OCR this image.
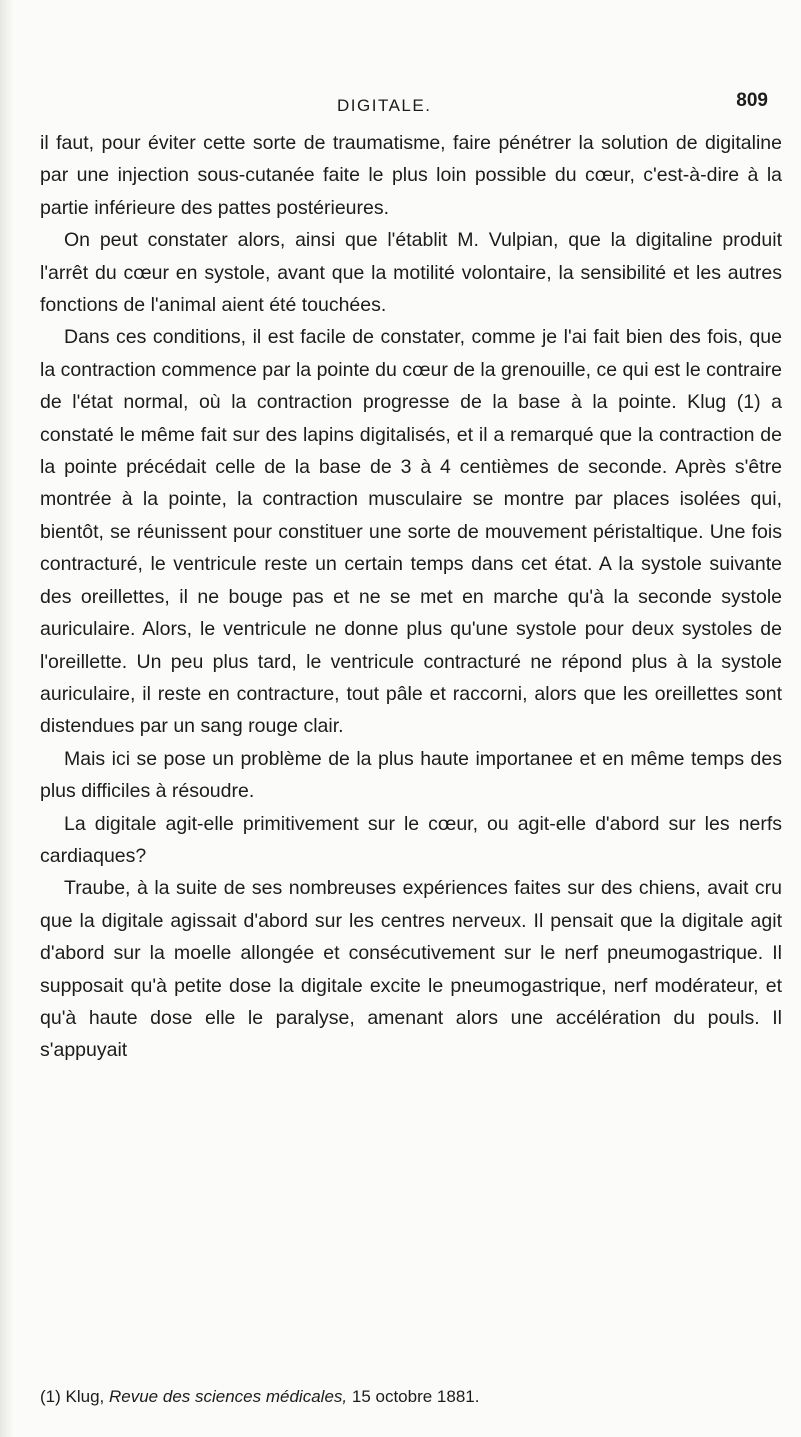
DIGITALE.	809

il faut, pour éviter cette sorte de traumatisme, faire pénétrer la solution de digitaline par une injection sous-cutanée faite le plus loin possible du cœur, c'est-à-dire à la partie inférieure des pattes postérieures.

On peut constater alors, ainsi que l'établit M. Vulpian, que la digitaline produit l'arrêt du cœur en systole, avant que la motilité volontaire, la sensibilité et les autres fonctions de l'animal aient été touchées.

Dans ces conditions, il est facile de constater, comme je l'ai fait bien des fois, que la contraction commence par la pointe du cœur de la grenouille, ce qui est le contraire de l'état normal, où la contraction progresse de la base à la pointe. Klug (1) a constaté le même fait sur des lapins digitalisés, et il a remarqué que la contraction de la pointe précédait celle de la base de 3 à 4 centièmes de seconde. Après s'être montrée à la pointe, la contraction musculaire se montre par places isolées qui, bientôt, se réunissent pour constituer une sorte de mouvement péristaltique. Une fois contracturé, le ventricule reste un certain temps dans cet état. A la systole suivante des oreillettes, il ne bouge pas et ne se met en marche qu'à la seconde systole auriculaire. Alors, le ventricule ne donne plus qu'une systole pour deux systoles de l'oreillette. Un peu plus tard, le ventricule contracturé ne répond plus à la systole auriculaire, il reste en contracture, tout pâle et raccorni, alors que les oreillettes sont distendues par un sang rouge clair.

Mais ici se pose un problème de la plus haute importanee et en même temps des plus difficiles à résoudre.

La digitale agit-elle primitivement sur le cœur, ou agit-elle d'abord sur les nerfs cardiaques?

Traube, à la suite de ses nombreuses expériences faites sur des chiens, avait cru que la digitale agissait d'abord sur les centres nerveux. Il pensait que la digitale agit d'abord sur la moelle allongée et consécutivement sur le nerf pneumogastrique. Il supposait qu'à petite dose la digitale excite le pneumogastrique, nerf modérateur, et qu'à haute dose elle le paralyse, amenant alors une accélération du pouls. Il s'appuyait

(1) Klug, Revue des sciences médicales, 15 octobre 1881.
